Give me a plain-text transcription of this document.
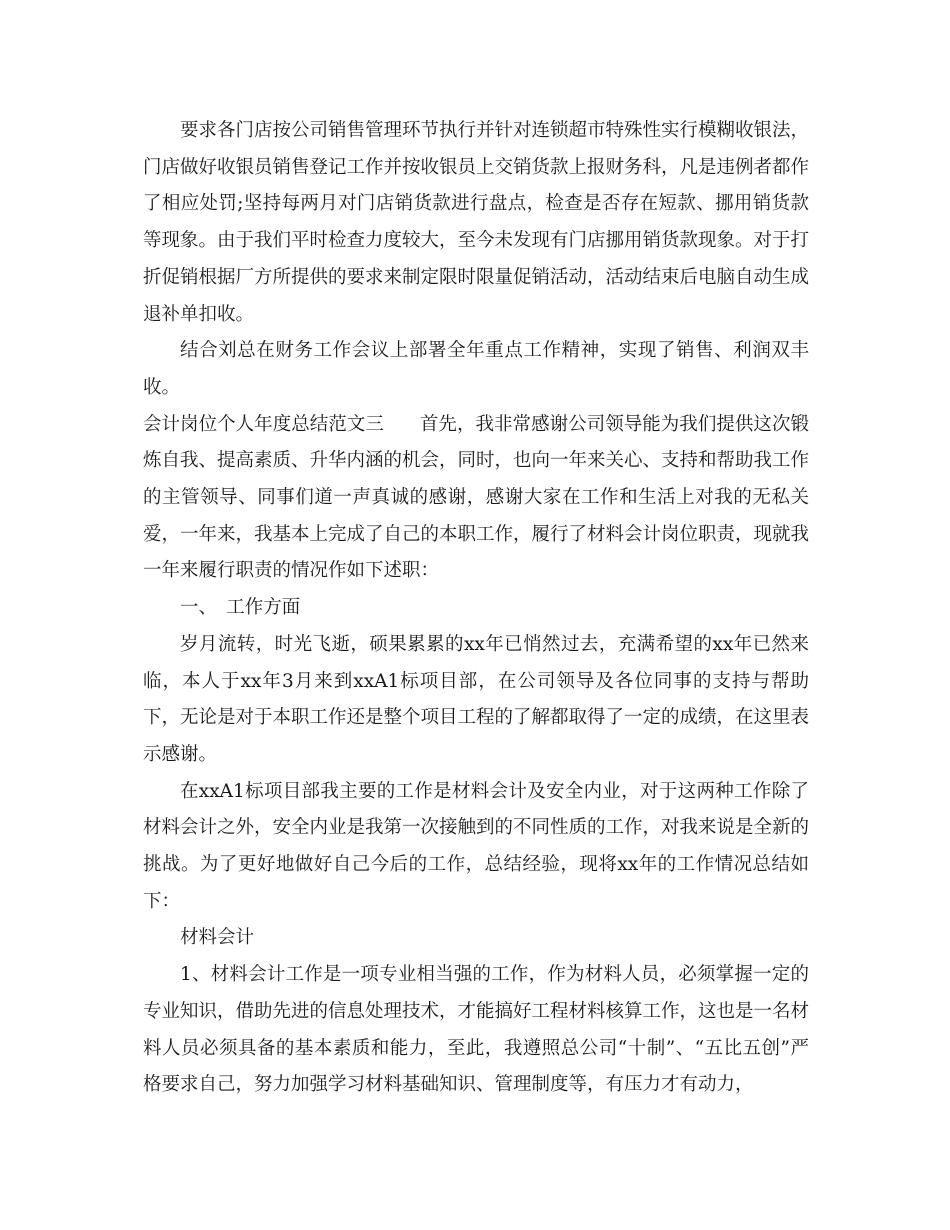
要求各门店按公司销售管理环节执行并针对连锁超市特殊性实行模糊收银法，门店做好收银员销售登记工作并按收银员上交销货款上报财务科，凡是违例者都作了相应处罚;坚持每两月对门店销货款进行盘点，检查是否存在短款、挪用销货款等现象。由于我们平时检查力度较大，至今未发现有门店挪用销货款现象。对于打折促销根据厂方所提供的要求来制定限时限量促销活动，活动结束后电脑自动生成退补单扣收。

结合刘总在财务工作会议上部署全年重点工作精神，实现了销售、利润双丰收。

会计岗位个人年度总结范文三 首先，我非常感谢公司领导能为我们提供这次锻炼自我、提高素质、升华内涵的机会，同时，也向一年来关心、支持和帮助我工作的主管领导、同事们道一声真诚的感谢，感谢大家在工作和生活上对我的无私关爱，一年来，我基本上完成了自己的本职工作，履行了材料会计岗位职责，现就我一年来履行职责的情况作如下述职：

一、　工作方面

岁月流转，时光飞逝，硕果累累的xx年已悄然过去，充满希望的xx年已然来临，本人于xx年3月来到xxA1标项目部，在公司领导及各位同事的支持与帮助下，无论是对于本职工作还是整个项目工程的了解都取得了一定的成绩，在这里表示感谢。

在xxA1标项目部我主要的工作是材料会计及安全内业，对于这两种工作除了材料会计之外，安全内业是我第一次接触到的不同性质的工作，对我来说是全新的挑战。为了更好地做好自己今后的工作，总结经验，现将xx年的工作情况总结如下：

材料会计

1、材料会计工作是一项专业相当强的工作，作为材料人员，必须掌握一定的专业知识，借助先进的信息处理技术，才能搞好工程材料核算工作，这也是一名材料人员必须具备的基本素质和能力，至此，我遵照总公司“十制”、“五比五创”严格要求自己，努力加强学习材料基础知识、管理制度等，有压力才有动力，
